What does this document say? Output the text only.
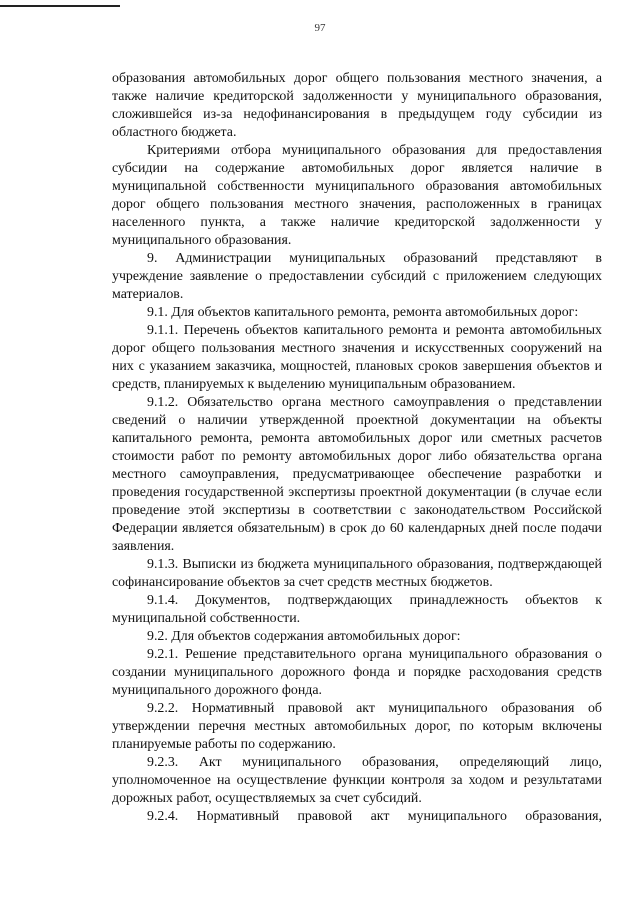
97

образования автомобильных дорог общего пользования местного значения, а также наличие кредиторской задолженности у муниципального образования, сложившейся из-за недофинансирования в предыдущем году субсидии из областного бюджета.

Критериями отбора муниципального образования для предоставления субсидии на содержание автомобильных дорог является наличие в муниципальной собственности муниципального образования автомобильных дорог общего пользования местного значения, расположенных в границах населенного пункта, а также наличие кредиторской задолженности у муниципального образования.

9. Администрации муниципальных образований представляют в учреждение заявление о предоставлении субсидий с приложением следующих материалов.

9.1. Для объектов капитального ремонта, ремонта автомобильных дорог:

9.1.1. Перечень объектов капитального ремонта и ремонта автомобильных дорог общего пользования местного значения и искусственных сооружений на них с указанием заказчика, мощностей, плановых сроков завершения объектов и средств, планируемых к выделению муниципальным образованием.

9.1.2. Обязательство органа местного самоуправления о представлении сведений о наличии утвержденной проектной документации на объекты капитального ремонта, ремонта автомобильных дорог или сметных расчетов стоимости работ по ремонту автомобильных дорог либо обязательства органа местного самоуправления, предусматривающее обеспечение разработки и проведения государственной экспертизы проектной документации (в случае если проведение этой экспертизы в соответствии с законодательством Российской Федерации является обязательным) в срок до 60 календарных дней после подачи заявления.

9.1.3. Выписки из бюджета муниципального образования, подтверждающей софинансирование объектов за счет средств местных бюджетов.

9.1.4. Документов, подтверждающих принадлежность объектов к муниципальной собственности.

9.2. Для объектов содержания автомобильных дорог:

9.2.1. Решение представительного органа муниципального образования о создании муниципального дорожного фонда и порядке расходования средств муниципального дорожного фонда.

9.2.2. Нормативный правовой акт муниципального образования об утверждении перечня местных автомобильных дорог, по которым включены планируемые работы по содержанию.

9.2.3. Акт муниципального образования, определяющий лицо, уполномоченное на осуществление функции контроля за ходом и результатами дорожных работ, осуществляемых за счет субсидий.

9.2.4. Нормативный правовой акт муниципального образования,
